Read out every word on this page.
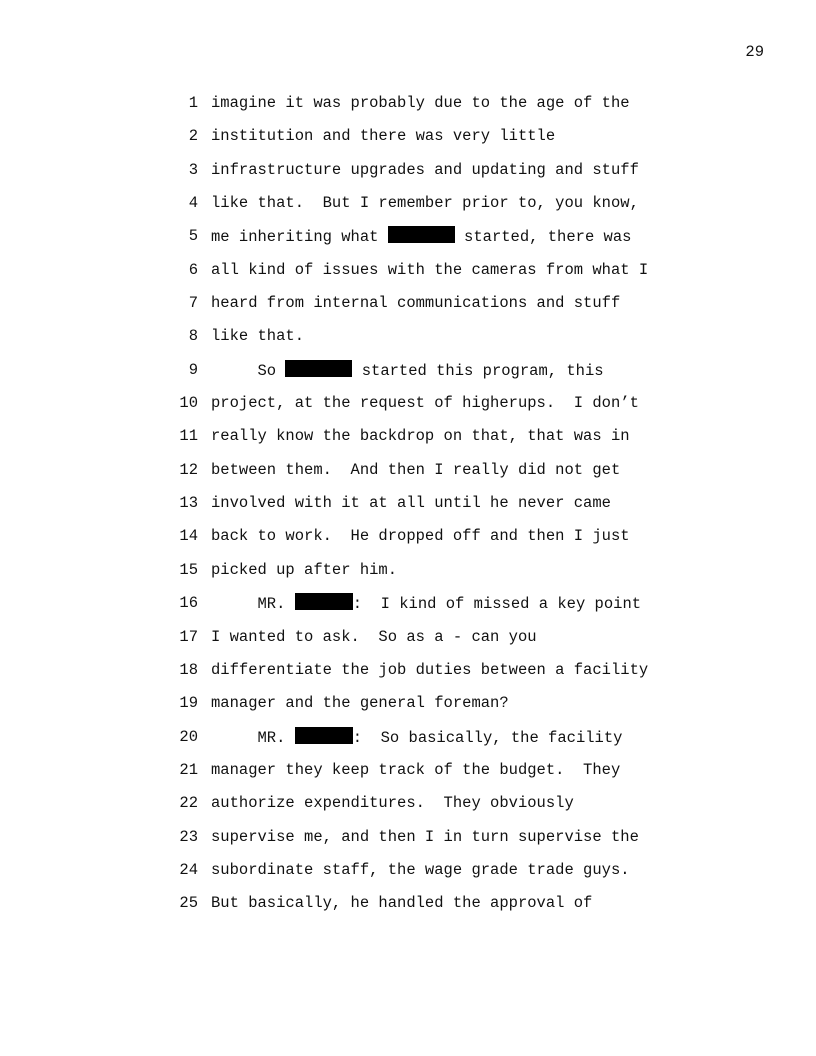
29
1 imagine it was probably due to the age of the
2 institution and there was very little
3 infrastructure upgrades and updating and stuff
4 like that.  But I remember prior to, you know,
5 me inheriting what	started, there was
6 all kind of issues with the cameras from what I
7 heard from internal communications and stuff
8 like that.
9 So	started this program, this
10 project, at the request of higherups.  I don’t
11 really know the backdrop on that, that was in
12 between them.  And then I really did not get
13 involved with it at all until he never came
14 back to work.  He dropped off and then I just
15 picked up after him.
16 MR.	:  I kind of missed a key point
17 I wanted to ask.  So as a - can you
18 differentiate the job duties between a facility
19 manager and the general foreman?
20 MR.	:  So basically, the facility
21 manager they keep track of the budget.  They
22 authorize expenditures.  They obviously
23 supervise me, and then I in turn supervise the
24 subordinate staff, the wage grade trade guys.
25 But basically, he handled the approval of
